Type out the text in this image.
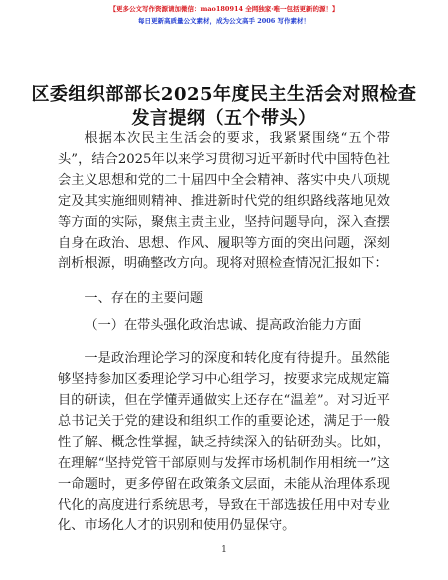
【更多公文写作资源请加微信：mao180914 全网独家·唯一包括更新的源！】
每日更新高质量公文素材，成为公文高手 2006 写作素材！
区委组织部部长2025年度民主生活会对照检查
发言提纲（五个带头）

根据本次民主生活会的要求，我紧紧围绕“五个带头”，结合2025年以来学习贯彻习近平新时代中国特色社会主义思想和党的二十届四中全会精神、落实中央八项规定及其实施细则精神、推进新时代党的组织路线落地见效等方面的实际，聚焦主责主业，坚持问题导向，深入查摆自身在政治、思想、作风、履职等方面的突出问题，深刻剖析根源，明确整改方向。现将对照检查情况汇报如下：

一、存在的主要问题

（一）在带头强化政治忠诚、提高政治能力方面

一是政治理论学习的深度和转化度有待提升。虽然能够坚持参加区委理论学习中心组学习，按要求完成规定篇目的研读，但在学懂弄通做实上还存在“温差”。对习近平总书记关于党的建设和组织工作的重要论述，满足于一般性了解、概念性掌握，缺乏持续深入的钻研劲头。比如，在理解“坚持党管干部原则与发挥市场机制作用相统一”这一命题时，更多停留在政策条文层面，未能从治理体系现代化的高度进行系统思考，导致在干部选拔任用中对专业化、市场化人才的识别和使用仍显保守。

1
